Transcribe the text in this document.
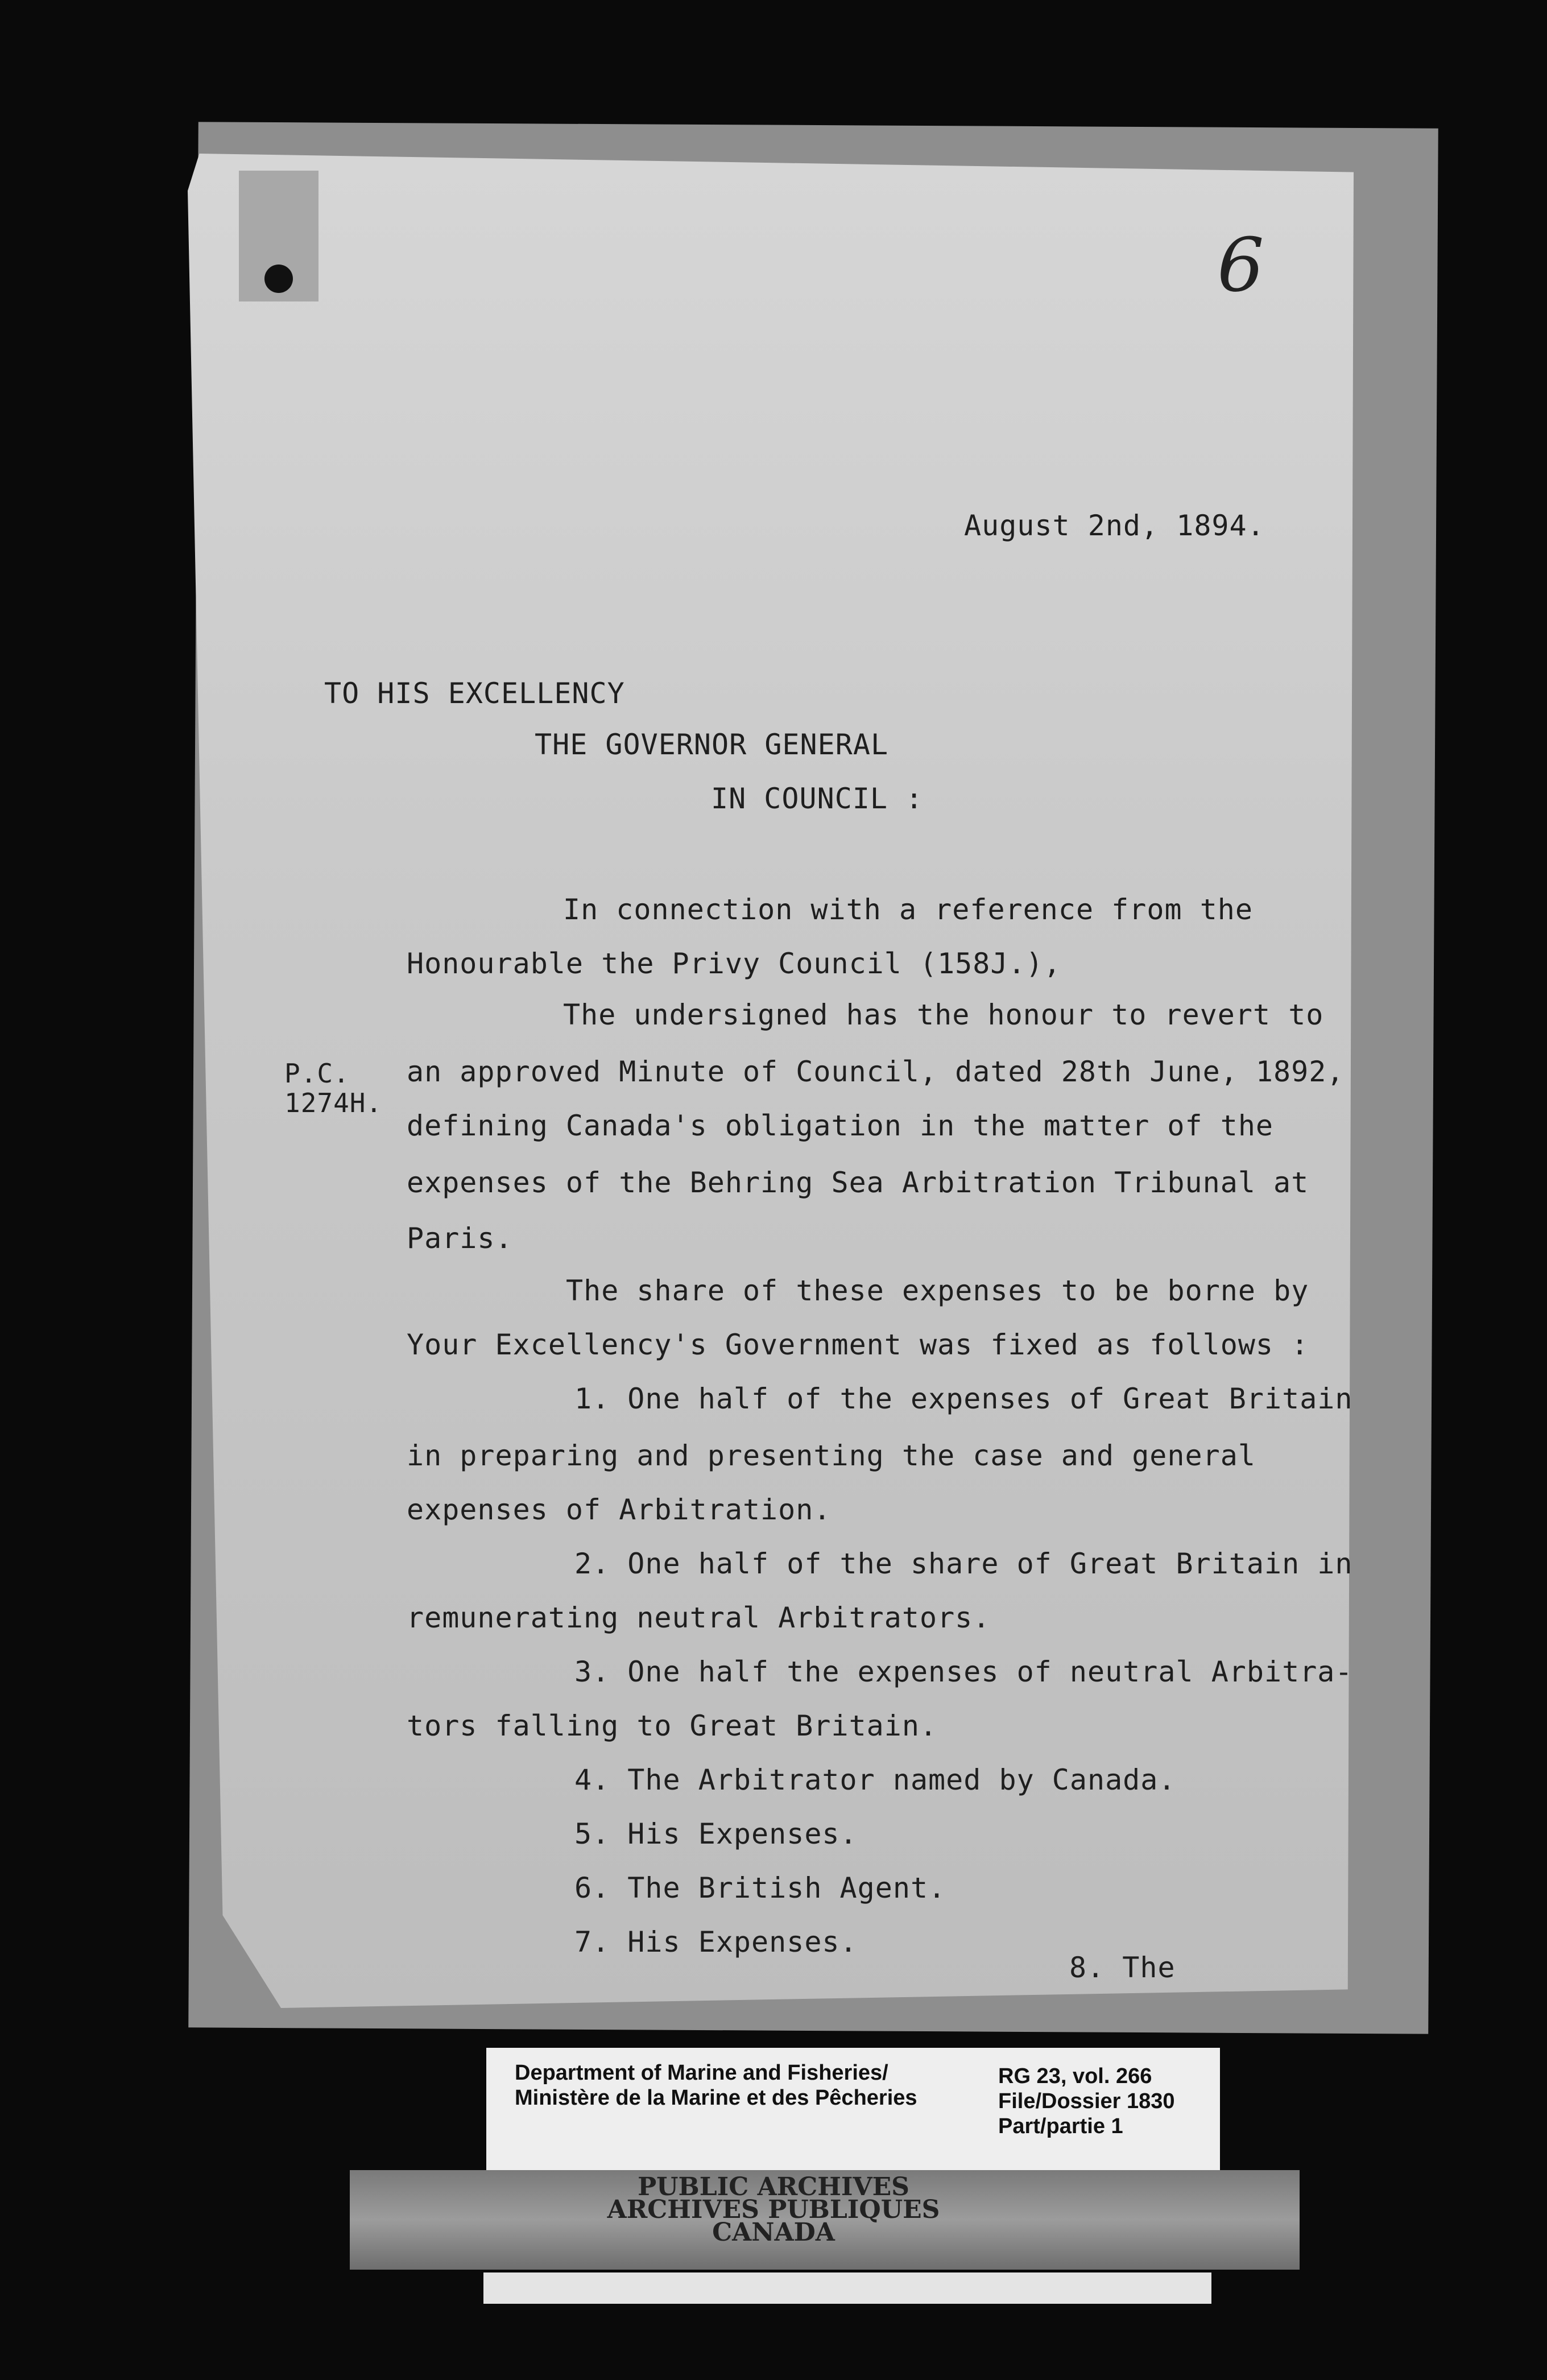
6
August 2nd, 1894.
TO HIS EXCELLENCY
THE GOVERNOR GENERAL
IN COUNCIL :
P.C.
1274H.
In connection with a reference from the
Honourable the Privy Council (158J.),
The undersigned has the honour to revert to
an approved Minute of Council, dated 28th June, 1892,
defining Canada's obligation in the matter of the
expenses of the Behring Sea Arbitration Tribunal at
Paris.
The share of these expenses to be borne by
Your Excellency's Government was fixed as follows :
1. One half of the expenses of Great Britain
in preparing and presenting the case and general
expenses of Arbitration.
2. One half of the share of Great Britain in
remunerating neutral Arbitrators.
3. One half the expenses of neutral Arbitra-
tors falling to Great Britain.
4. The Arbitrator named by Canada.
5. His Expenses.
6. The British Agent.
7. His Expenses.
8. The
Department of Marine and Fisheries/
Ministère de la Marine et des Pêcheries
RG 23, vol. 266
File/Dossier 1830
Part/partie 1
PUBLIC ARCHIVES
ARCHIVES PUBLIQUES
CANADA
